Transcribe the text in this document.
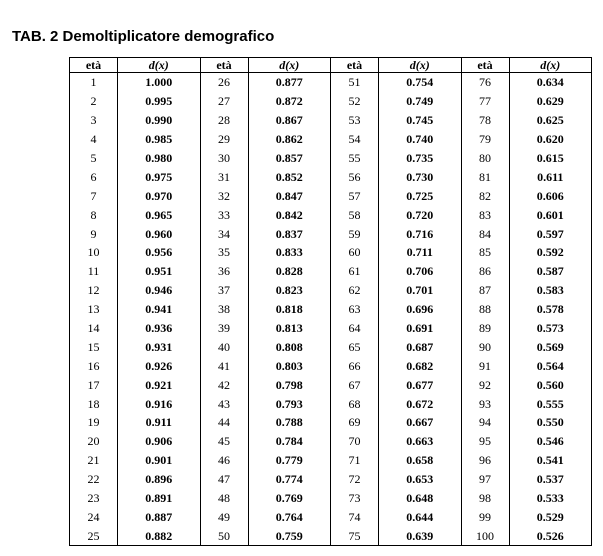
TAB. 2 Demoltiplicatore demografico
età	d(x)	età	d(x)	età	d(x)	età	d(x)
1	1.000	26	0.877	51	0.754	76	0.634
2	0.995	27	0.872	52	0.749	77	0.629
3	0.990	28	0.867	53	0.745	78	0.625
4	0.985	29	0.862	54	0.740	79	0.620
5	0.980	30	0.857	55	0.735	80	0.615
6	0.975	31	0.852	56	0.730	81	0.611
7	0.970	32	0.847	57	0.725	82	0.606
8	0.965	33	0.842	58	0.720	83	0.601
9	0.960	34	0.837	59	0.716	84	0.597
10	0.956	35	0.833	60	0.711	85	0.592
11	0.951	36	0.828	61	0.706	86	0.587
12	0.946	37	0.823	62	0.701	87	0.583
13	0.941	38	0.818	63	0.696	88	0.578
14	0.936	39	0.813	64	0.691	89	0.573
15	0.931	40	0.808	65	0.687	90	0.569
16	0.926	41	0.803	66	0.682	91	0.564
17	0.921	42	0.798	67	0.677	92	0.560
18	0.916	43	0.793	68	0.672	93	0.555
19	0.911	44	0.788	69	0.667	94	0.550
20	0.906	45	0.784	70	0.663	95	0.546
21	0.901	46	0.779	71	0.658	96	0.541
22	0.896	47	0.774	72	0.653	97	0.537
23	0.891	48	0.769	73	0.648	98	0.533
24	0.887	49	0.764	74	0.644	99	0.529
25	0.882	50	0.759	75	0.639	100	0.526
